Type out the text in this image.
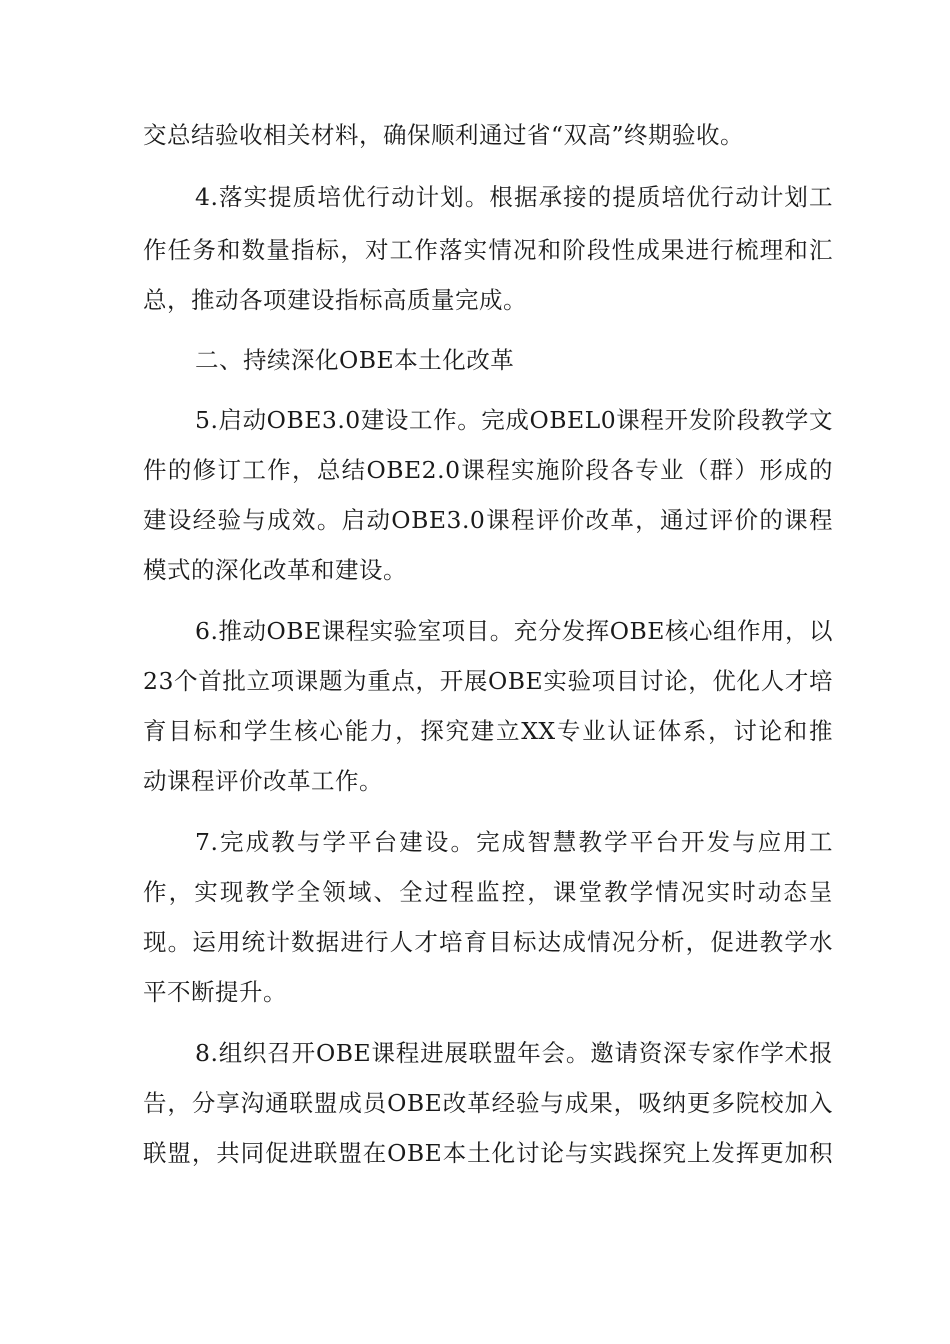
交总结验收相关材料，确保顺利通过省“双高”终期验收。
4.落实提质培优行动计划。根据承接的提质培优行动计划工
作任务和数量指标，对工作落实情况和阶段性成果进行梳理和汇
总，推动各项建设指标高质量完成。
二、持续深化OBE本土化改革
5.启动OBE3.0建设工作。完成OBEL0课程开发阶段教学文
件的修订工作，总结OBE2.0课程实施阶段各专业（群）形成的
建设经验与成效。启动OBE3.0课程评价改革，通过评价的课程
模式的深化改革和建设。
6.推动OBE课程实验室项目。充分发挥OBE核心组作用，以
23个首批立项课题为重点，开展OBE实验项目讨论，优化人才培
育目标和学生核心能力，探究建立XX专业认证体系，讨论和推
动课程评价改革工作。
7.完成教与学平台建设。完成智慧教学平台开发与应用工
作，实现教学全领域、全过程监控，课堂教学情况实时动态呈
现。运用统计数据进行人才培育目标达成情况分析，促进教学水
平不断提升。
8.组织召开OBE课程进展联盟年会。邀请资深专家作学术报
告，分享沟通联盟成员OBE改革经验与成果，吸纳更多院校加入
联盟，共同促进联盟在OBE本土化讨论与实践探究上发挥更加积
